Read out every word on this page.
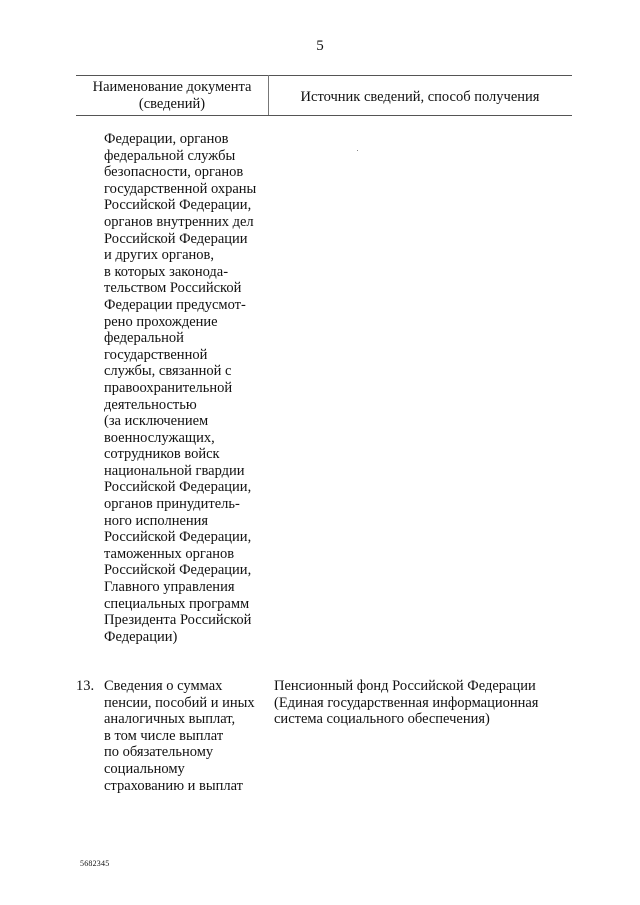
5
Наименование документа
(сведений)	Источник сведений, способ получения
Федерации, органов
федеральной службы
безопасности, органов
государственной охраны
Российской Федерации,
органов внутренних дел
Российской Федерации
и других органов,
в которых законода-
тельством Российской
Федерации предусмот-
рено прохождение
федеральной
государственной
службы, связанной с
правоохранительной
деятельностью
(за исключением
военнослужащих,
сотрудников войск
национальной гвардии
Российской Федерации,
органов принудитель-
ного исполнения
Российской Федерации,
таможенных органов
Российской Федерации,
Главного управления
специальных программ
Президента Российской
Федерации)
13. Сведения о суммах
пенсии, пособий и иных
аналогичных выплат,
в том числе выплат
по обязательному
социальному
страхованию и выплат
Пенсионный фонд Российской Федерации
(Единая государственная информационная
система социального обеспечения)
5682345
